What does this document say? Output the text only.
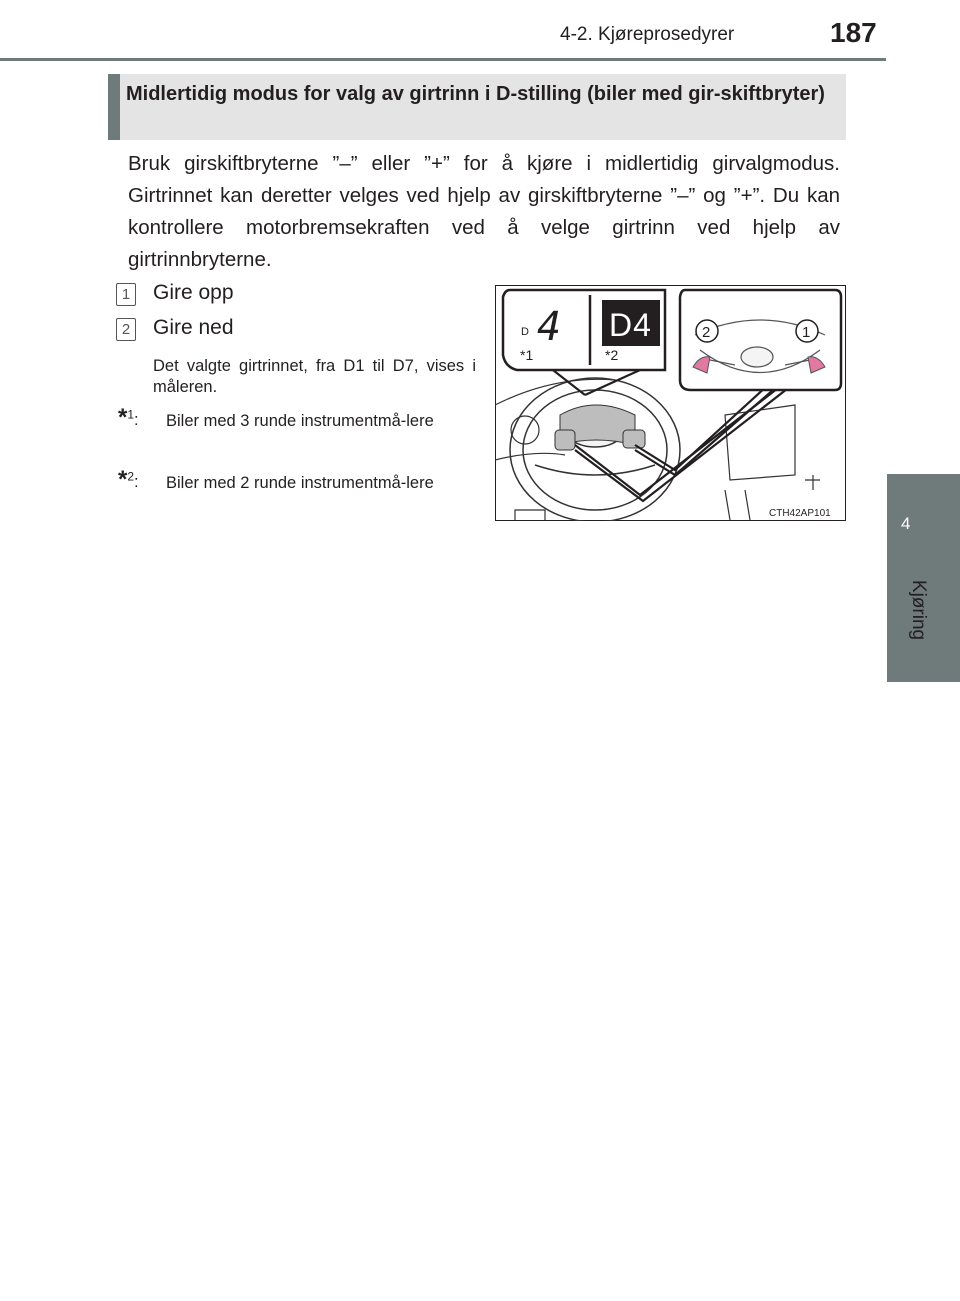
4-2. Kjøreprosedyrer	187
4
Kjøring
Midlertidig modus for valg av girtrinn i D-stilling (biler med gir-skiftbryter)
Bruk girskiftbryterne ”–” eller ”+” for å kjøre i midlertidig girvalgmodus. Girtrinnet kan deretter velges ved hjelp av girskiftbryterne ”–” og ”+”. Du kan kontrollere motorbremsekraften ved å velge girtrinn ved hjelp av girtrinnbryterne.
1 Gire opp
2 Gire ned
Det valgte girtrinnet, fra D1 til D7, vises i måleren.
*$^1$: Biler med 3 runde instrumentmå-lere
*$^2$: Biler med 2 runde instrumentmå-lere
D 4
*1
D4
*2
2	1
CTH42AP101
